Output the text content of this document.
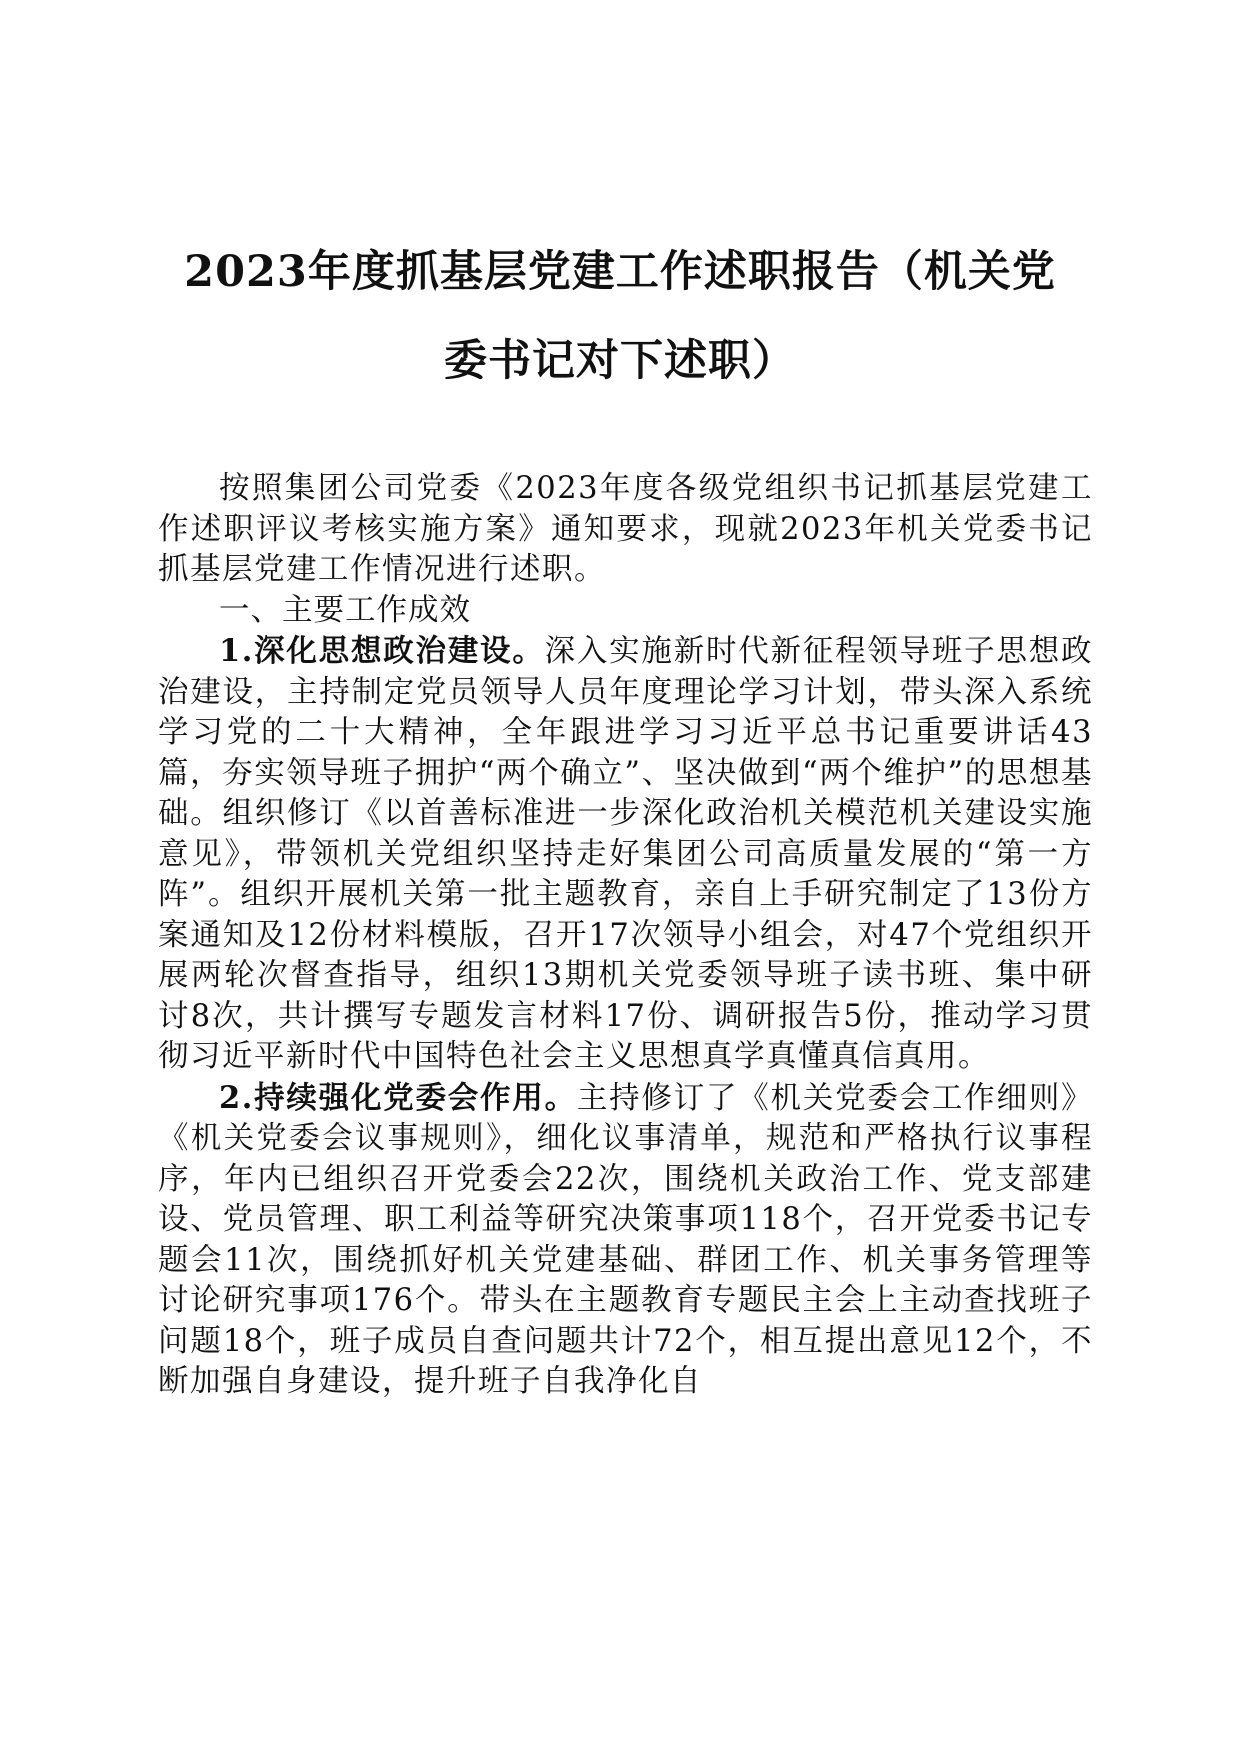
2023年度抓基层党建工作述职报告（机关党
委书记对下述职）

按照集团公司党委《2023年度各级党组织书记抓基层党建工作述职评议考核实施方案》通知要求，现就2023年机关党委书记抓基层党建工作情况进行述职。

一、主要工作成效

1.深化思想政治建设。深入实施新时代新征程领导班子思想政治建设，主持制定党员领导人员年度理论学习计划，带头深入系统学习党的二十大精神，全年跟进学习习近平总书记重要讲话43篇，夯实领导班子拥护“两个确立”、坚决做到“两个维护”的思想基础。组织修订《以首善标准进一步深化政治机关模范机关建设实施意见》，带领机关党组织坚持走好集团公司高质量发展的“第一方阵”。组织开展机关第一批主题教育，亲自上手研究制定了13份方案通知及12份材料模版，召开17次领导小组会，对47个党组织开展两轮次督查指导，组织13期机关党委领导班子读书班、集中研讨8次，共计撰写专题发言材料17份、调研报告5份，推动学习贯彻习近平新时代中国特色社会主义思想真学真懂真信真用。

2.持续强化党委会作用。主持修订了《机关党委会工作细则》《机关党委会议事规则》，细化议事清单，规范和严格执行议事程序，年内已组织召开党委会22次，围绕机关政治工作、党支部建设、党员管理、职工利益等研究决策事项118个，召开党委书记专题会11次，围绕抓好机关党建基础、群团工作、机关事务管理等讨论研究事项176个。带头在主题教育专题民主会上主动查找班子问题18个，班子成员自查问题共计72个，相互提出意见12个，不断加强自身建设，提升班子自我净化自
